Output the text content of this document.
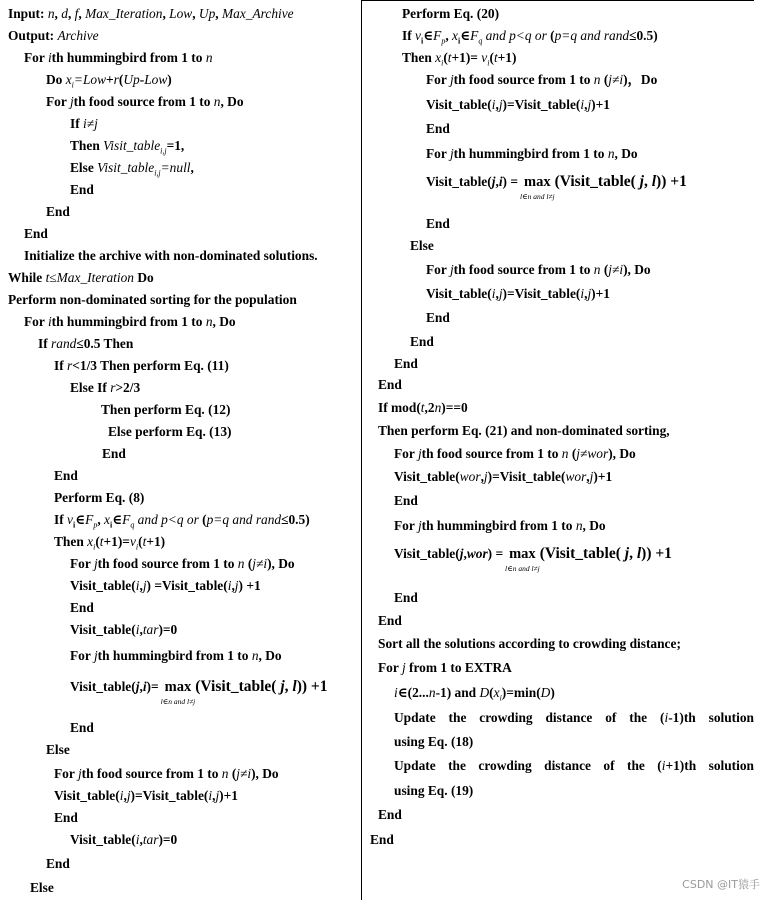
Input: n, d, f, Max_Iteration, Low, Up, Max_Archive
Output: Archive
For ith hummingbird from 1 to n
Do $x_i=Low+r(Up-Low)$
For jth food source from 1 to n, Do
If i≠j
Then Visit_table$_{i,j}$=1,
Else Visit_table$_{i,j}$=null,
End
End
End
Initialize the archive with non-dominated solutions.
While t≤Max_Iteration Do
Perform non-dominated sorting for the population
For ith hummingbird from 1 to n, Do
If rand≤0.5 Then
If r<1/3 Then perform Eq. (11)
Else If r>2/3
Then perform Eq. (12)
Else perform Eq. (13)
End
End
Perform Eq. (8)
If $v_i\in F_p$, $x_i\in F_q$ and p<q or (p=q and rand≤0.5)
Then $x_i(t+1)=v_i(t+1)$
For jth food source from 1 to n (j≠i), Do
Visit_table(i,j) =Visit_table(i,j) +1
End
Visit_table(i,tar)=0
For jth hummingbird from 1 to n, Do
End
Else
For jth food source from 1 to n (j≠i), Do
Visit_table(i,j)=Visit_table(i,j)+1
End
Visit_table(i,tar)=0
End
Else
Visit_table(j,i)= max
l∈n and l≠j
(Visit_table( j, l)) +1
Perform Eq. (20)
If $v_i\in F_p$, $x_i\in F_q$ and p<q or (p=q and rand≤0.5)
Then $x_i(t+1)= v_i(t+1)$
For jth food source from 1 to n (j≠i)，Do
Visit_table(i,j)=Visit_table(i,j)+1
End
For jth hummingbird from 1 to n, Do
End
Else
For jth food source from 1 to n (j≠i), Do
Visit_table(i,j)=Visit_table(i,j)+1
End
End
End
End
If mod(t,2n)==0
Then perform Eq. (21) and non-dominated sorting,
For jth food source from 1 to n (j≠wor), Do
Visit_table(wor,j)=Visit_table(wor,j)+1
End
For jth hummingbird from 1 to n, Do
End
End
Sort all the solutions according to crowding distance;
For j from 1 to EXTRA
i∈(2...n-1) and $D(x_i)=\min(D)$
Update the crowding distance of the (i-1)th solution
using Eq. (18)
Update the crowding distance of the (i+1)th solution
using Eq. (19)
End
End
Visit_table(j,i) = max
l∈n and l≠j
(Visit_table( j, l)) +1
Visit_table(j,wor) = max
l∈n and l≠j
(Visit_table( j, l)) +1
CSDN @IT猿手
